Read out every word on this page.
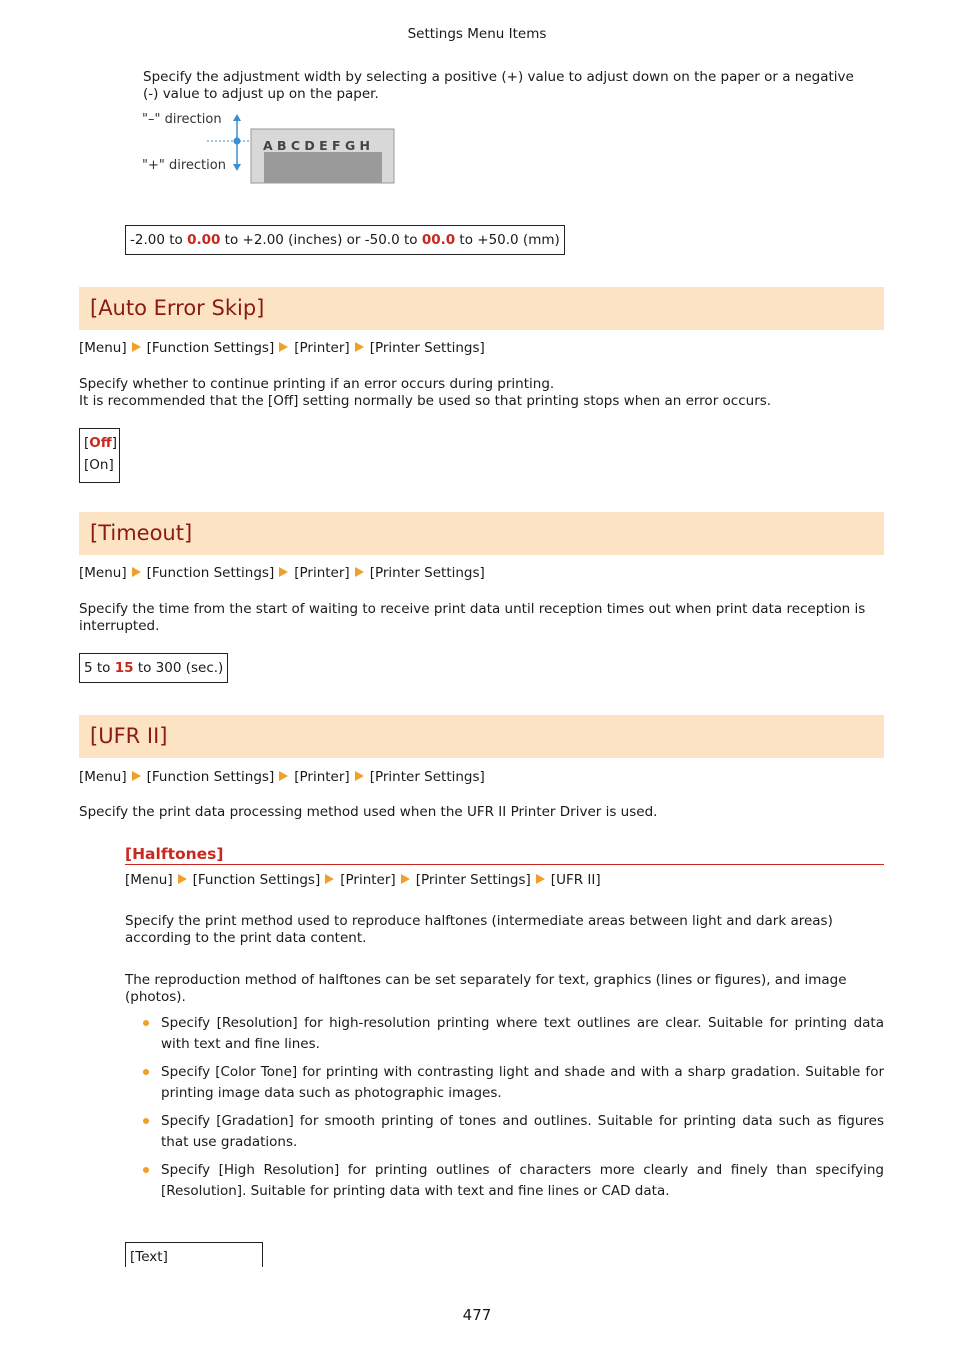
Settings Menu Items
Specify the adjustment width by selecting a positive (+) value to adjust down on the paper or a negative (-) value to adjust up on the paper.
"–" direction
"+" direction
A B C D E F G H
-2.00 to 0.00 to +2.00 (inches) or -50.0 to 00.0 to +50.0 (mm)
[Auto Error Skip]
[Menu] [Function Settings] [Printer] [Printer Settings]
Specify whether to continue printing if an error occurs during printing.
It is recommended that the [Off] setting normally be used so that printing stops when an error occurs.
[Off]
[On]
[Timeout]
[Menu] [Function Settings] [Printer] [Printer Settings]
Specify the time from the start of waiting to receive print data until reception times out when print data reception is interrupted.
5 to 15 to 300 (sec.)
[UFR II]
[Menu] [Function Settings] [Printer] [Printer Settings]
Specify the print data processing method used when the UFR II Printer Driver is used.
[Halftones]
[Menu] [Function Settings] [Printer] [Printer Settings] [UFR II]
Specify the print method used to reproduce halftones (intermediate areas between light and dark areas) according to the print data content.
The reproduction method of halftones can be set separately for text, graphics (lines or figures), and image (photos).
Specify [Resolution] for high-resolution printing where text outlines are clear. Suitable for printing data with text and fine lines.
Specify [Color Tone] for printing with contrasting light and shade and with a sharp gradation. Suitable for printing image data such as photographic images.
Specify [Gradation] for smooth printing of tones and outlines. Suitable for printing data such as figures that use gradations.
Specify [High Resolution] for printing outlines of characters more clearly and finely than specifying [Resolution]. Suitable for printing data with text and fine lines or CAD data.
[Text]
477
